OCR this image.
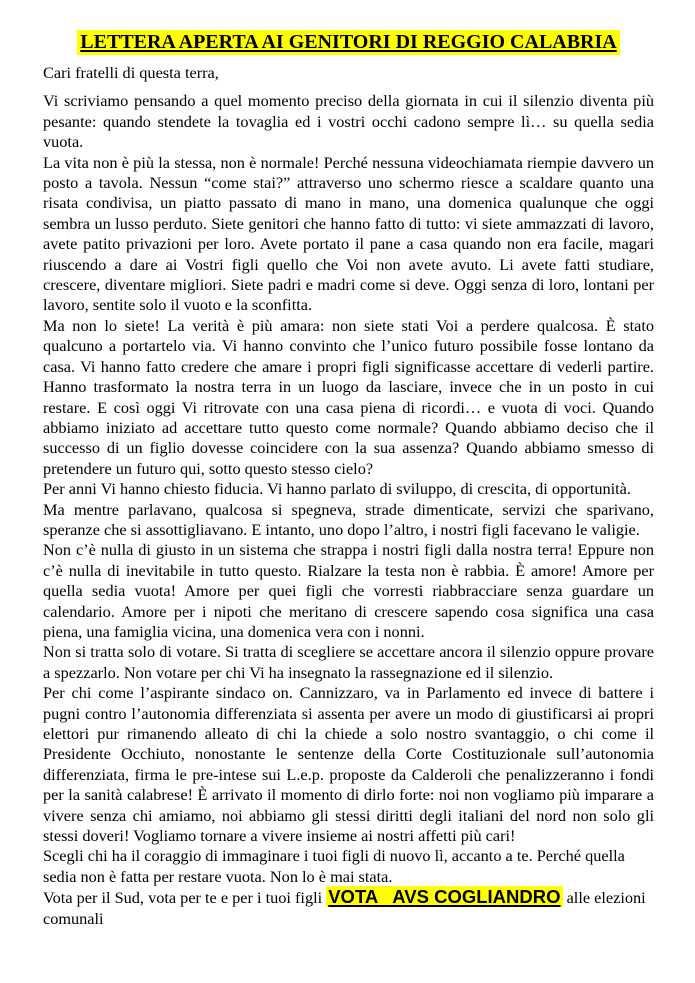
LETTERA APERTA AI GENITORI DI REGGIO CALABRIA

Cari fratelli di questa terra,

Vi scriviamo pensando a quel momento preciso della giornata in cui il silenzio diventa più pesante: quando stendete la tovaglia ed i vostri occhi cadono sempre lì… su quella sedia vuota.

La vita non è più la stessa, non è normale! Perché nessuna videochiamata riempie davvero un posto a tavola. Nessun “come stai?” attraverso uno schermo riesce a scaldare quanto una risata condivisa, un piatto passato di mano in mano, una domenica qualunque che oggi sembra un lusso perduto. Siete genitori che hanno fatto di tutto: vi siete ammazzati di lavoro, avete patito privazioni per loro. Avete portato il pane a casa quando non era facile, magari riuscendo a dare ai Vostri figli quello che Voi non avete avuto. Li avete fatti studiare, crescere, diventare migliori. Siete padri e madri come si deve. Oggi senza di loro, lontani per lavoro, sentite solo il vuoto e la sconfitta.

Ma non lo siete! La verità è più amara: non siete stati Voi a perdere qualcosa. È stato qualcuno a portartelo via. Vi hanno convinto che l’unico futuro possibile fosse lontano da casa. Vi hanno fatto credere che amare i propri figli significasse accettare di vederli partire. Hanno trasformato la nostra terra in un luogo da lasciare, invece che in un posto in cui restare. E così oggi Vi ritrovate con una casa piena di ricordi… e vuota di voci. Quando abbiamo iniziato ad accettare tutto questo come normale? Quando abbiamo deciso che il successo di un figlio dovesse coincidere con la sua assenza? Quando abbiamo smesso di pretendere un futuro qui, sotto questo stesso cielo?

Per anni Vi hanno chiesto fiducia. Vi hanno parlato di sviluppo, di crescita, di opportunità.

Ma mentre parlavano, qualcosa si spegneva, strade dimenticate, servizi che sparivano, speranze che si assottigliavano. E intanto, uno dopo l’altro, i nostri figli facevano le valigie.

Non c’è nulla di giusto in un sistema che strappa i nostri figli dalla nostra terra! Eppure non c’è nulla di inevitabile in tutto questo. Rialzare la testa non è rabbia. È amore! Amore per quella sedia vuota! Amore per quei figli che vorresti riabbracciare senza guardare un calendario. Amore per i nipoti che meritano di crescere sapendo cosa significa una casa piena, una famiglia vicina, una domenica vera con i nonni.

Non si tratta solo di votare. Si tratta di scegliere se accettare ancora il silenzio oppure provare a spezzarlo. Non votare per chi Vi ha insegnato la rassegnazione ed il silenzio.

Per chi come l’aspirante sindaco on. Cannizzaro, va in Parlamento ed invece di battere i pugni contro l’autonomia differenziata si assenta per avere un modo di giustificarsi ai propri elettori pur rimanendo alleato di chi la chiede a solo nostro svantaggio, o chi come il Presidente Occhiuto, nonostante le sentenze della Corte Costituzionale sull’autonomia differenziata, firma le pre-intese sui L.e.p. proposte da Calderoli che penalizzeranno i fondi per la sanità calabrese! È arrivato il momento di dirlo forte: noi non vogliamo più imparare a vivere senza chi amiamo, noi abbiamo gli stessi diritti degli italiani del nord non solo gli stessi doveri! Vogliamo tornare a vivere insieme ai nostri affetti più cari!

Scegli chi ha il coraggio di immaginare i tuoi figli di nuovo lì, accanto a te. Perché quella sedia non è fatta per restare vuota. Non lo è mai stata.

Vota per il Sud, vota per te e per i tuoi figli VOTA   AVS COGLIANDRO alle elezioni comunali
